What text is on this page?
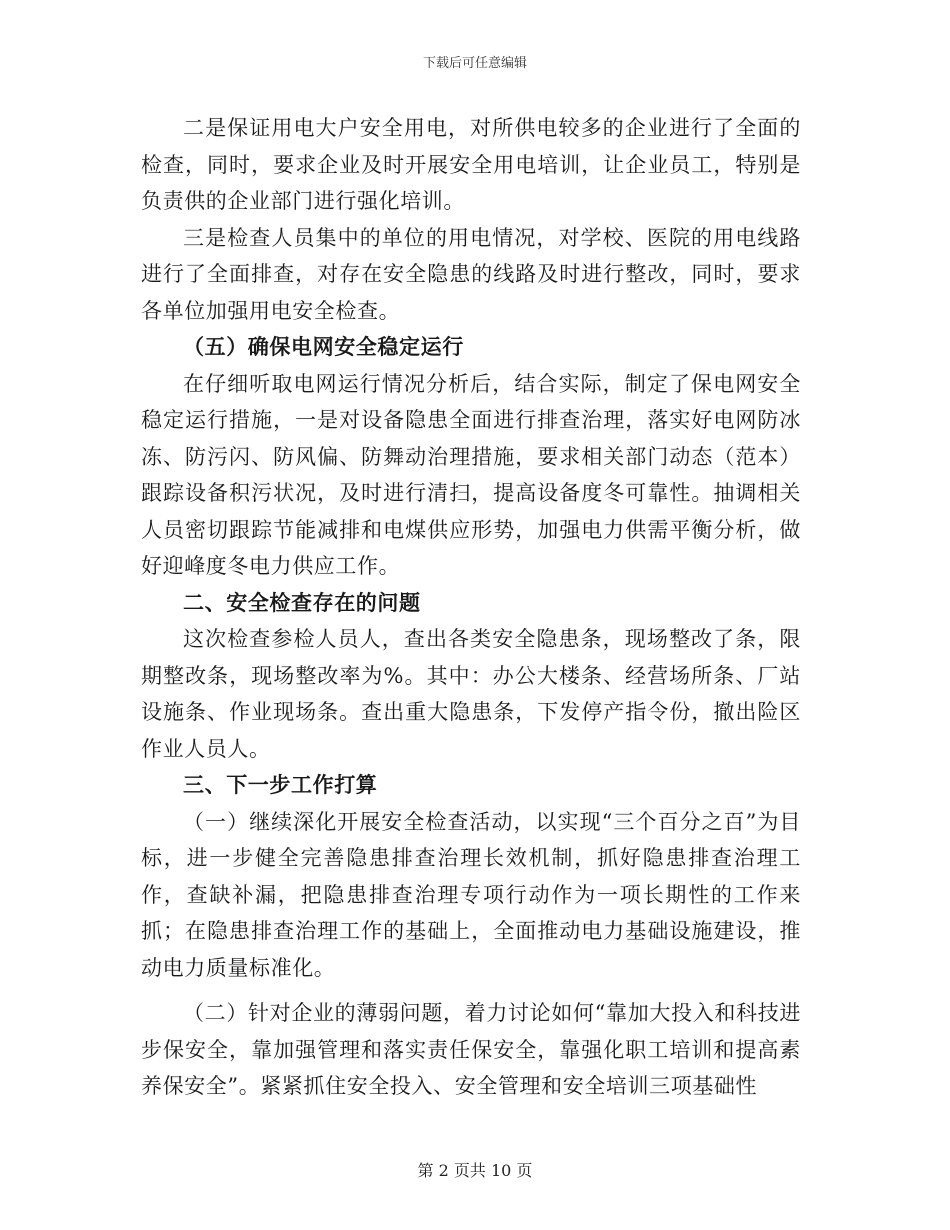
下载后可任意编辑

二是保证用电大户安全用电，对所供电较多的企业进行了全面的检查，同时，要求企业及时开展安全用电培训，让企业员工，特别是负责供的企业部门进行强化培训。

三是检查人员集中的单位的用电情况，对学校、医院的用电线路进行了全面排查，对存在安全隐患的线路及时进行整改，同时，要求各单位加强用电安全检查。

（五）确保电网安全稳定运行

在仔细听取电网运行情况分析后，结合实际，制定了保电网安全稳定运行措施，一是对设备隐患全面进行排查治理，落实好电网防冰冻、防污闪、防风偏、防舞动治理措施，要求相关部门动态（范本）跟踪设备积污状况，及时进行清扫，提高设备度冬可靠性。抽调相关人员密切跟踪节能减排和电煤供应形势，加强电力供需平衡分析，做好迎峰度冬电力供应工作。

二、安全检查存在的问题

这次检查参检人员人，查出各类安全隐患条，现场整改了条，限期整改条，现场整改率为%。其中：办公大楼条、经营场所条、厂站设施条、作业现场条。查出重大隐患条，下发停产指令份，撤出险区作业人员人。

三、下一步工作打算

（一）继续深化开展安全检查活动，以实现“三个百分之百”为目标，进一步健全完善隐患排查治理长效机制，抓好隐患排查治理工作，查缺补漏，把隐患排查治理专项行动作为一项长期性的工作来抓；在隐患排查治理工作的基础上，全面推动电力基础设施建设，推动电力质量标准化。

（二）针对企业的薄弱问题，着力讨论如何“靠加大投入和科技进步保安全，靠加强管理和落实责任保安全，靠强化职工培训和提高素养保安全”。紧紧抓住安全投入、安全管理和安全培训三项基础性

第 2 页共 10 页
